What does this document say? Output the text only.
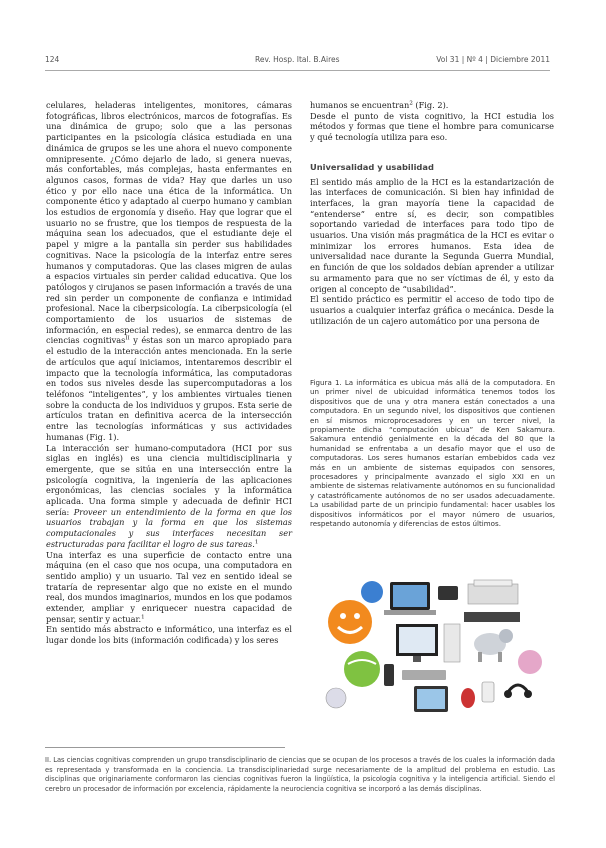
124	Rev. Hosp. Ital. B.Aires	Vol 31 | Nº 4 | Diciembre 2011

celulares, heladeras inteligentes, monitores, cámaras fotográficas, libros electrónicos, marcos de fotografías. Es una dinámica de grupo; solo que a las personas participantes en la psicología clásica estudiada en una dinámica de grupos se les une ahora el nuevo componente omnipresente. ¿Cómo dejarlo de lado, si genera nuevas, más confortables, más complejas, hasta enfermantes en algunos casos, formas de vida? Hay que darles un uso ético y por ello nace una ética de la informática. Un componente ético y adaptado al cuerpo humano y cambian los estudios de ergonomía y diseño. Hay que lograr que el usuario no se frustre, que los tiempos de respuesta de la máquina sean los adecuados, que el estudiante deje el papel y migre a la pantalla sin perder sus habilidades cognitivas. Nace la psicología de la interfaz entre seres humanos y computadoras. Que las clases migren de aulas a espacios virtuales sin perder calidad educativa. Que los patólogos y cirujanos se pasen información a través de una red sin perder un componente de confianza e intimidad profesional. Nace la ciberpsicología. La ciberpsicología (el comportamiento de los usuarios de sistemas de información, en especial redes), se enmarca dentro de las ciencias cognitivas$^{II}$ y éstas son un marco apropiado para el estudio de la interacción antes mencionada. En la serie de artículos que aquí iniciamos, intentaremos describir el impacto que la tecnología informática, las computadoras en todos sus niveles desde las supercomputadoras a los teléfonos “inteligentes”, y los ambientes virtuales tienen sobre la conducta de los individuos y grupos. Esta serie de artículos tratan en definitiva acerca de la intersección entre las tecnologías informáticas y sus actividades humanas (Fig. 1).

La interacción ser humano-computadora (HCI por sus siglas en inglés) es una ciencia multidisciplinaria y emergente, que se sitúa en una intersección entre la psicología cognitiva, la ingeniería de las aplicaciones ergonómicas, las ciencias sociales y la informática aplicada. Una forma simple y adecuada de definir HCI sería: Proveer un entendimiento de la forma en que los usuarios trabajan y la forma en que los sistemas computacionales y sus interfaces necesitan ser estructuradas para facilitar el logro de sus tareas.$^1$

Una interfaz es una superficie de contacto entre una máquina (en el caso que nos ocupa, una computadora en sentido amplio) y un usuario. Tal vez en sentido ideal se trataría de representar algo que no existe en el mundo real, dos mundos imaginarios, mundos en los que podamos extender, ampliar y enriquecer nuestra capacidad de pensar, sentir y actuar.$^1$

En sentido más abstracto e informático, una interfaz es el lugar donde los bits (información codificada) y los seres

humanos se encuentran$^2$ (Fig. 2).

Desde el punto de vista cognitivo, la HCI estudia los métodos y formas que tiene el hombre para comunicarse y qué tecnología utiliza para eso.

Universalidad y usabilidad

El sentido más amplio de la HCI es la estandarización de las interfaces de comunicación. Si bien hay infinidad de interfaces, la gran mayoría tiene la capacidad de “entenderse” entre sí, es decir, son compatibles soportando variedad de interfaces para todo tipo de usuarios. Una visión más pragmática de la HCI es evitar o minimizar los errores humanos. Esta idea de universalidad nace durante la Segunda Guerra Mundial, en función de que los soldados debían aprender a utilizar su armamento para que no ser víctimas de él, y esto da origen al concepto de “usabilidad”.

El sentido práctico es permitir el acceso de todo tipo de usuarios a cualquier interfaz gráfica o mecánica. Desde la utilización de un cajero automático por una persona de

Figura 1. La informática es ubicua más allá de la computadora. En un primer nivel de ubicuidad informática tenemos todos los dispositivos que de una y otra manera están conectados a una computadora. En un segundo nivel, los dispositivos que contienen en sí mismos microprocesadores y en un tercer nivel, la propiamente dicha “computación ubicua” de Ken Sakamura. Sakamura entendió genialmente en la década del 80 que la humanidad se enfrentaba a un desafío mayor que el uso de computadoras. Los seres humanos estarían embebidos cada vez más en un ambiente de sistemas equipados con sensores, procesadores y principalmente avanzado el siglo XXI en un ambiente de sistemas relativamente autónomos en su funcionalidad y catastróficamente autónomos de no ser usados adecuadamente. La usabilidad parte de un principio fundamental: hacer usables los dispositivos informáticos por el mayor número de usuarios, respetando autonomía y diferencias de estos últimos.
II. Las ciencias cognitivas comprenden un grupo transdisciplinario de ciencias que se ocupan de los procesos a través de los cuales la información dada es representada y transformada en la conciencia. La transdisciplinariedad surge necesariamente de la amplitud del problema en estudio. Las disciplinas que originariamente conformaron las ciencias cognitivas fueron la lingüística, la psicología cognitiva y la inteligencia artificial. Siendo el cerebro un procesador de información por excelencia, rápidamente la neurociencia cognitiva se incorporó a las demás disciplinas.
